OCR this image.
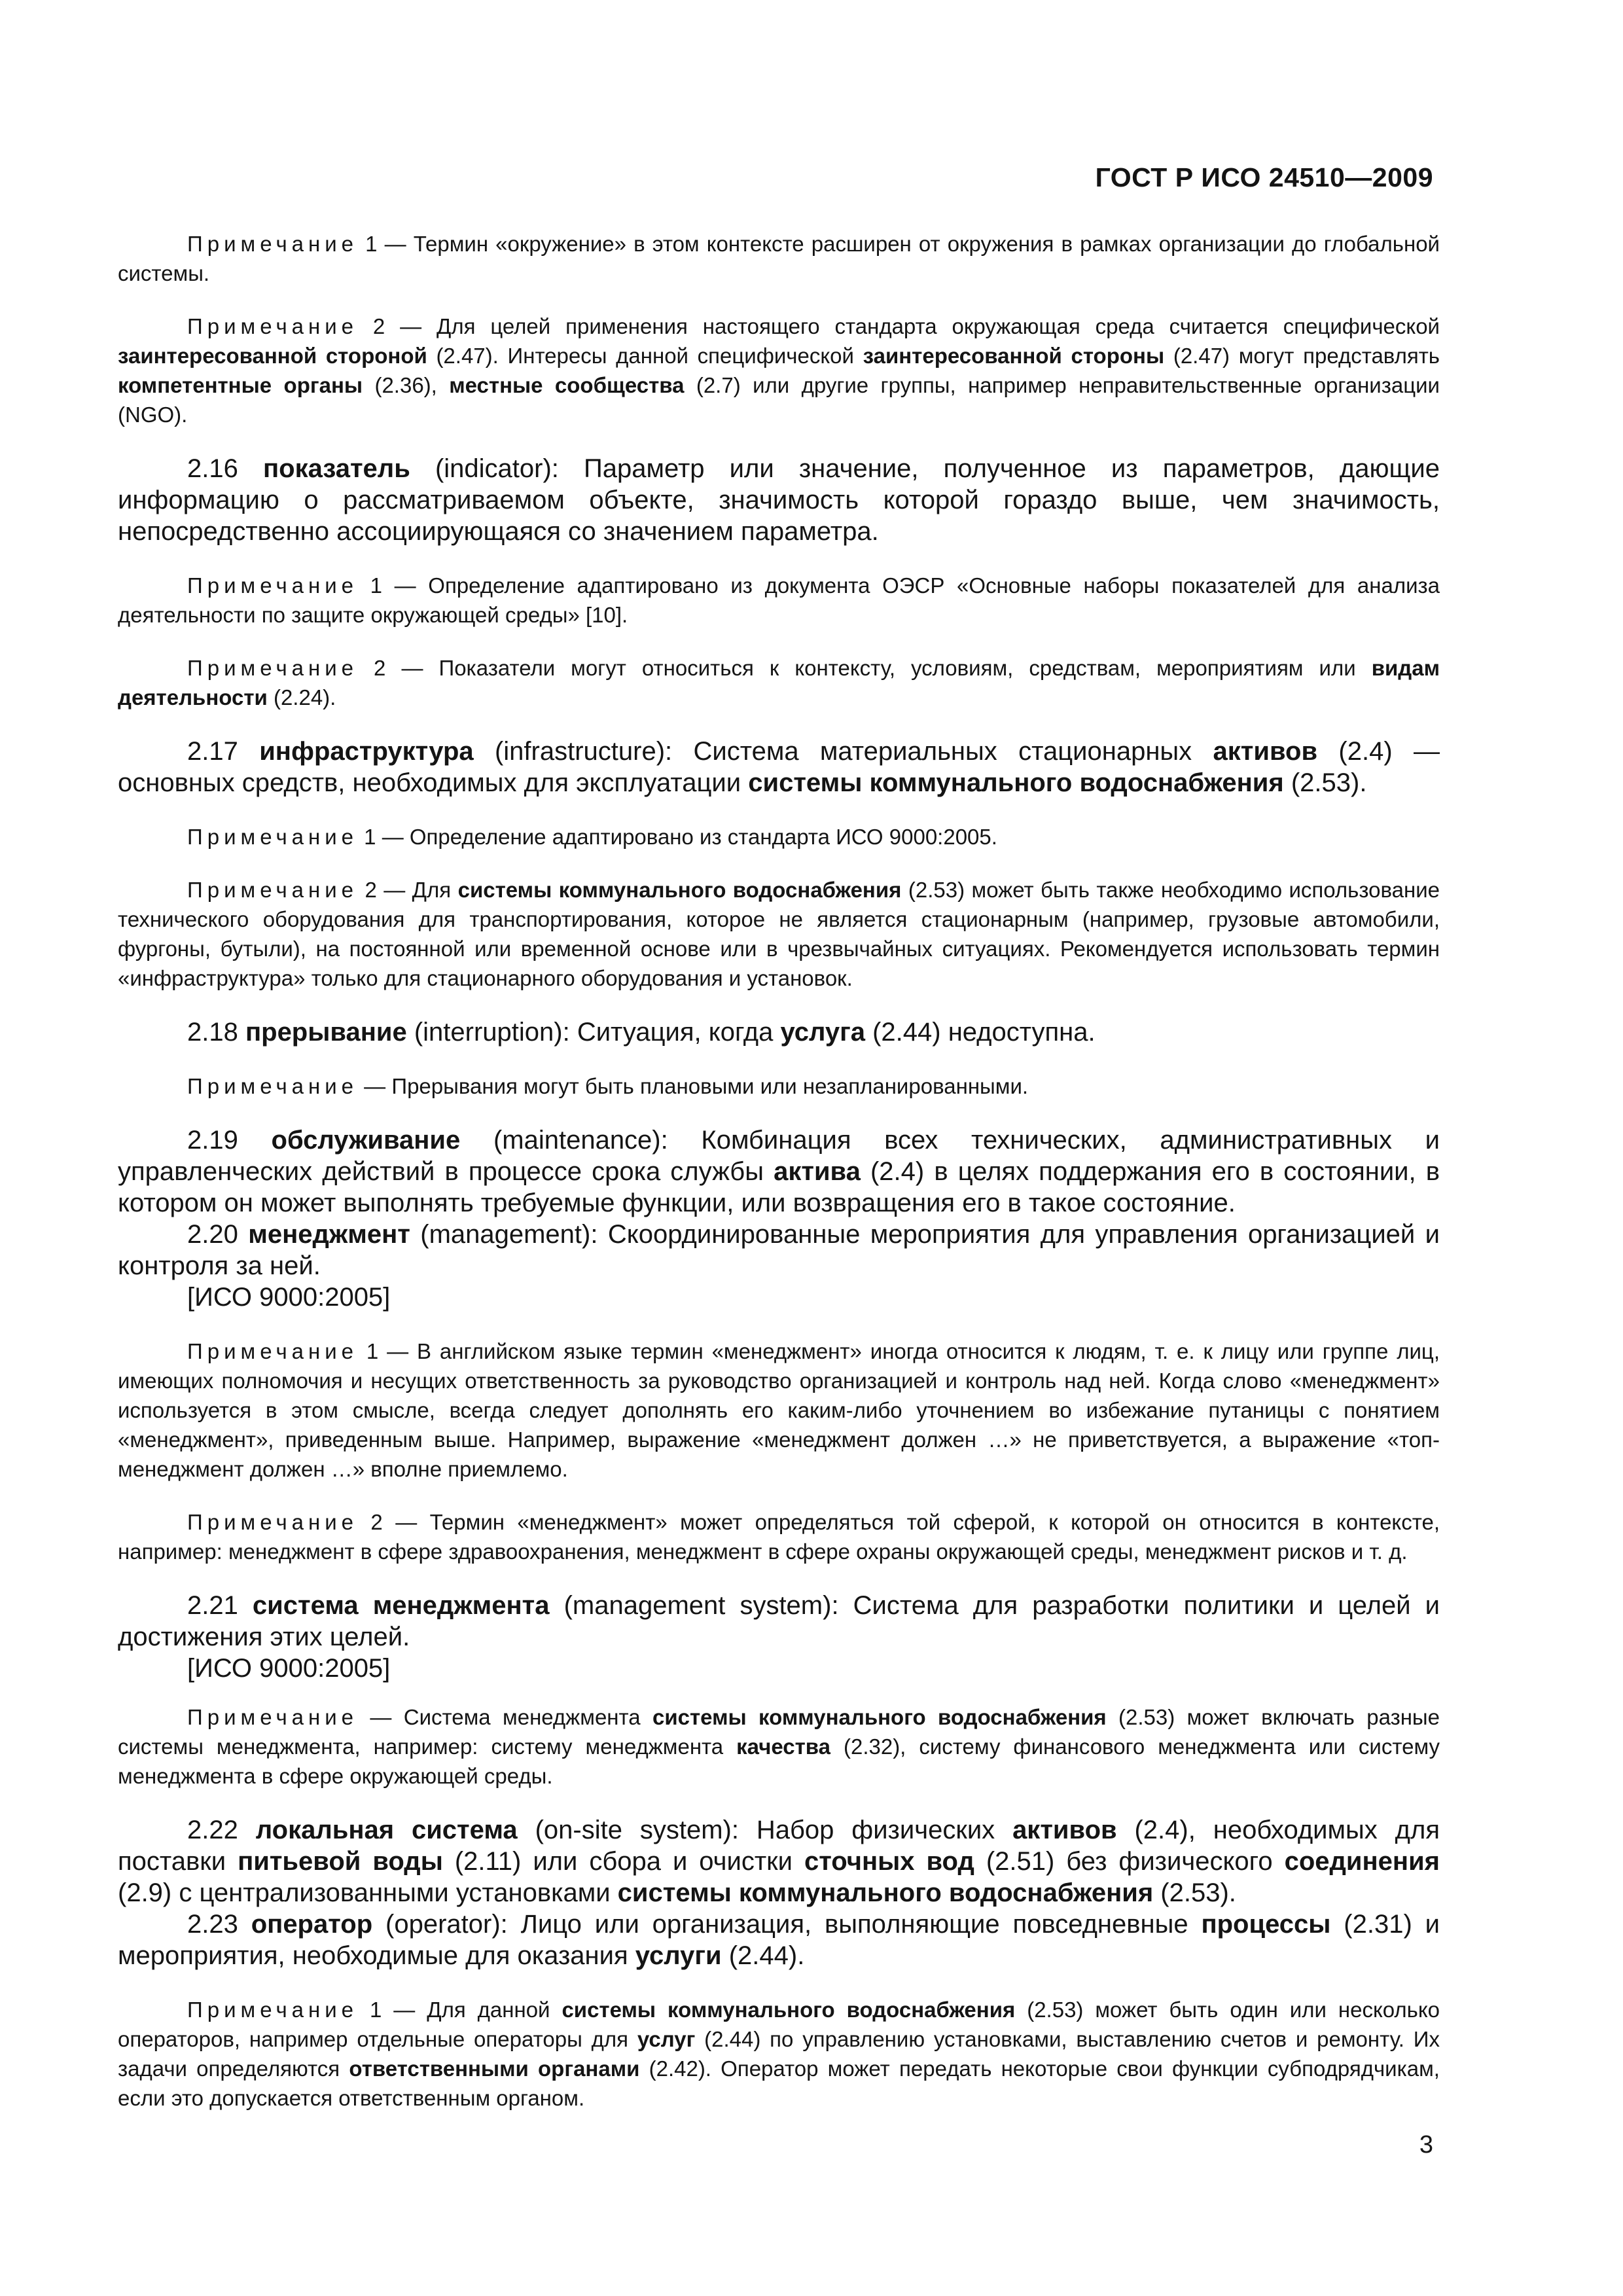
ГОСТ Р ИСО 24510—2009

Примечание 1 — Термин «окружение» в этом контексте расширен от окружения в рамках организации до глобальной системы.

Примечание 2 — Для целей применения настоящего стандарта окружающая среда считается специфической заинтересованной стороной (2.47). Интересы данной специфической заинтересованной стороны (2.47) могут представлять компетентные органы (2.36), местные сообщества (2.7) или другие группы, например неправительственные организации (NGO).

2.16 показатель (indicator): Параметр или значение, полученное из параметров, дающие информацию о рассматриваемом объекте, значимость которой гораздо выше, чем значимость, непосредственно ассоциирующаяся со значением параметра.

Примечание 1 — Определение адаптировано из документа ОЭСР «Основные наборы показателей для анализа деятельности по защите окружающей среды» [10].

Примечание 2 — Показатели могут относиться к контексту, условиям, средствам, мероприятиям или видам деятельности (2.24).

2.17 инфраструктура (infrastructure): Система материальных стационарных активов (2.4) — основных средств, необходимых для эксплуатации системы коммунального водоснабжения (2.53).

Примечание 1 — Определение адаптировано из стандарта ИСО 9000:2005.

Примечание 2 — Для системы коммунального водоснабжения (2.53) может быть также необходимо использование технического оборудования для транспортирования, которое не является стационарным (например, грузовые автомобили, фургоны, бутыли), на постоянной или временной основе или в чрезвычайных ситуациях. Рекомендуется использовать термин «инфраструктура» только для стационарного оборудования и установок.

2.18 прерывание (interruption): Ситуация, когда услуга (2.44) недоступна.

Примечание — Прерывания могут быть плановыми или незапланированными.

2.19 обслуживание (maintenance): Комбинация всех технических, административных и управленческих действий в процессе срока службы актива (2.4) в целях поддержания его в состоянии, в котором он может выполнять требуемые функции, или возвращения его в такое состояние.

2.20 менеджмент (management): Скоординированные мероприятия для управления организацией и контроля за ней.

[ИСО 9000:2005]

Примечание 1 — В английском языке термин «менеджмент» иногда относится к людям, т. е. к лицу или группе лиц, имеющих полномочия и несущих ответственность за руководство организацией и контроль над ней. Когда слово «менеджмент» используется в этом смысле, всегда следует дополнять его каким-либо уточнением во избежание путаницы с понятием «менеджмент», приведенным выше. Например, выражение «менеджмент должен …» не приветствуется, а выражение «топ-менеджмент должен …» вполне приемлемо.

Примечание 2 — Термин «менеджмент» может определяться той сферой, к которой он относится в контексте, например: менеджмент в сфере здравоохранения, менеджмент в сфере охраны окружающей среды, менеджмент рисков и т. д.

2.21 система менеджмента (management system): Система для разработки политики и целей и достижения этих целей.

[ИСО 9000:2005]

Примечание — Система менеджмента системы коммунального водоснабжения (2.53) может включать разные системы менеджмента, например: систему менеджмента качества (2.32), систему финансового менеджмента или систему менеджмента в сфере окружающей среды.

2.22 локальная система (on-site system): Набор физических активов (2.4), необходимых для поставки питьевой воды (2.11) или сбора и очистки сточных вод (2.51) без физического соединения (2.9) с централизованными установками системы коммунального водоснабжения (2.53).

2.23 оператор (operator): Лицо или организация, выполняющие повседневные процессы (2.31) и мероприятия, необходимые для оказания услуги (2.44).

Примечание 1 — Для данной системы коммунального водоснабжения (2.53) может быть один или несколько операторов, например отдельные операторы для услуг (2.44) по управлению установками, выставлению счетов и ремонту. Их задачи определяются ответственными органами (2.42). Оператор может передать некоторые свои функции субподрядчикам, если это допускается ответственным органом.

3
